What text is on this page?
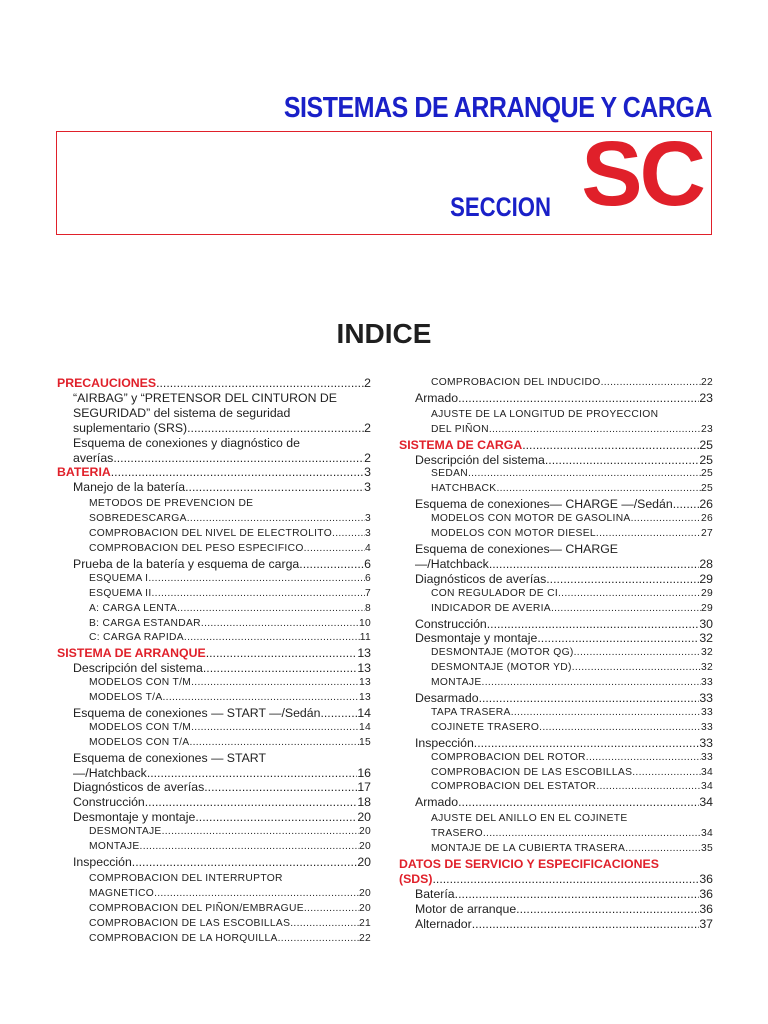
SISTEMAS DE ARRANQUE Y CARGA
SECCION SC
INDICE
PRECAUCIONES .....	2
“AIRBAG” y “PRETENSOR DEL CINTURON DE
SEGURIDAD” del sistema de seguridad
suplementario (SRS) .....	2
Esquema de conexiones y diagnóstico de
averías .....	2
BATERIA .....	3
Manejo de la batería .....	3
METODOS DE PREVENCION DE
SOBREDESCARGA .....	3
COMPROBACION DEL NIVEL DE ELECTROLITO .....	3
COMPROBACION DEL PESO ESPECIFICO .....	4
Prueba de la batería y esquema de carga .....	6
ESQUEMA I .....	6
ESQUEMA II .....	7
A: CARGA LENTA .....	8
B: CARGA ESTANDAR .....	10
C: CARGA RAPIDA .....	11
SISTEMA DE ARRANQUE .....	13
Descripción del sistema .....	13
MODELOS CON T/M .....	13
MODELOS T/A .....	13
Esquema de conexiones — START —/Sedán .....	14
MODELOS CON T/M .....	14
MODELOS CON T/A .....	15
Esquema de conexiones — START
—/Hatchback .....	16
Diagnósticos de averías .....	17
Construcción .....	18
Desmontaje y montaje .....	20
DESMONTAJE .....	20
MONTAJE .....	20
Inspección .....	20
COMPROBACION DEL INTERRUPTOR
MAGNETICO .....	20
COMPROBACION DEL PIÑON/EMBRAGUE .....	20
COMPROBACION DE LAS ESCOBILLAS .....	21
COMPROBACION DE LA HORQUILLA .....	22
COMPROBACION DEL INDUCIDO .....	22
Armado .....	23
AJUSTE DE LA LONGITUD DE PROYECCION
DEL PIÑON .....	23
SISTEMA DE CARGA .....	25
Descripción del sistema .....	25
SEDAN .....	25
HATCHBACK .....	25
Esquema de conexiones— CHARGE —/Sedán ..... 26
MODELOS CON MOTOR DE GASOLINA .....	26
MODELOS CON MOTOR DIESEL .....	27
Esquema de conexiones— CHARGE
—/Hatchback .....	28
Diagnósticos de averías .....	29
CON REGULADOR DE CI .....	29
INDICADOR DE AVERIA .....	29
Construcción .....	30
Desmontaje y montaje .....	32
DESMONTAJE (MOTOR QG) .....	32
DESMONTAJE (MOTOR YD) .....	32
MONTAJE .....	33
Desarmado .....	33
TAPA TRASERA .....	33
COJINETE TRASERO .....	33
Inspección .....	33
COMPROBACION DEL ROTOR .....	33
COMPROBACION DE LAS ESCOBILLAS .....	34
COMPROBACION DEL ESTATOR .....	34
Armado .....	34
AJUSTE DEL ANILLO EN EL COJINETE
TRASERO .....	34
MONTAJE DE LA CUBIERTA TRASERA .....	35
DATOS DE SERVICIO Y ESPECIFICACIONES
(SDS) .....	36
Batería .....	36
Motor de arranque .....	36
Alternador .....	37
